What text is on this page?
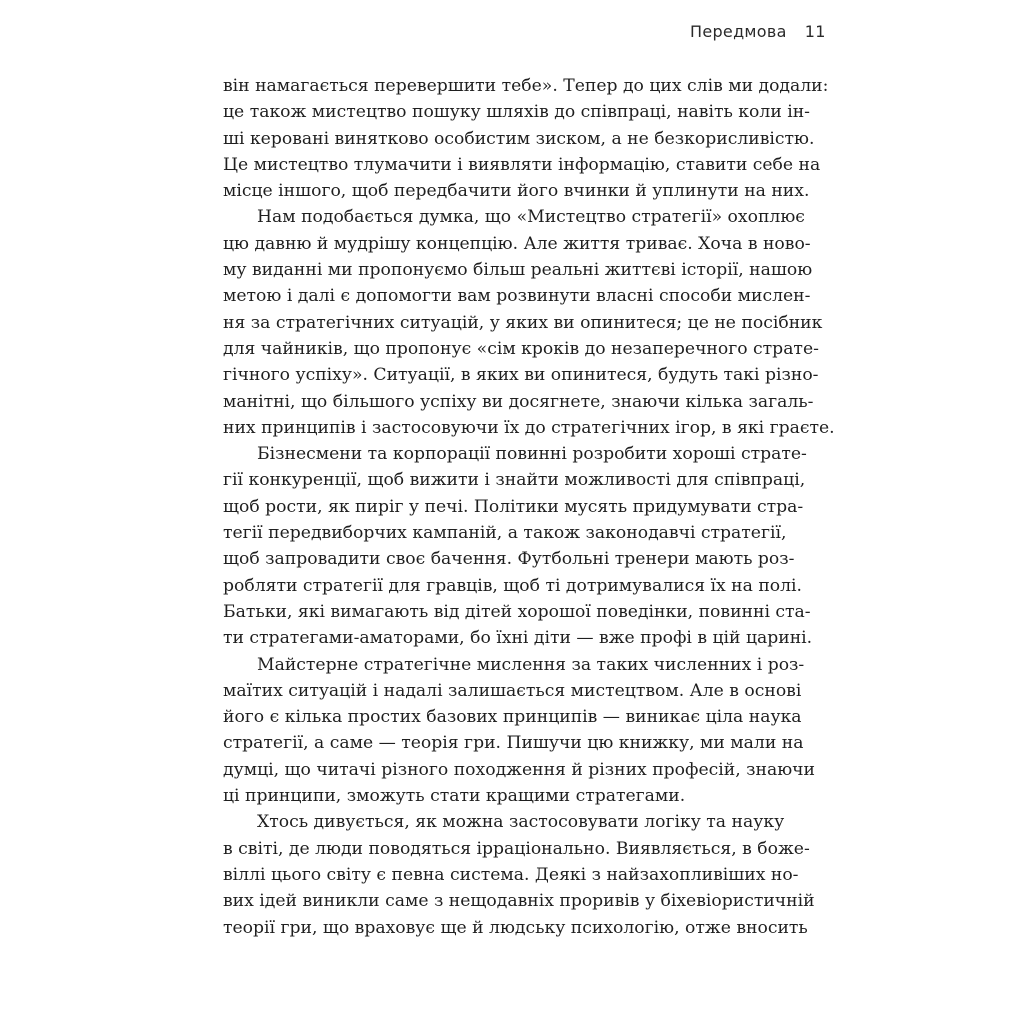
Передмова 11
він намагається перевершити тебе». Тепер до цих слів ми додали:
це також мистецтво пошуку шляхів до співпраці, навіть коли ін-
ші керовані винятково особистим зиском, а не безкорисливістю.
Це мистецтво тлумачити і виявляти інформацію, ставити себе на
місце іншого, щоб передбачити його вчинки й уплинути на них.
Нам подобається думка, що «Мистецтво стратегії» охоплює
цю давню й мудрішу концепцію. Але життя триває. Хоча в ново-
му виданні ми пропонуємо більш реальні життєві історії, нашою
метою і далі є допомогти вам розвинути власні способи мислен-
ня за стратегічних ситуацій, у яких ви опинитеся; це не посібник
для чайників, що пропонує «сім кроків до незаперечного страте-
гічного успіху». Ситуації, в яких ви опинитеся, будуть такі різно-
манітні, що більшого успіху ви досягнете, знаючи кілька загаль-
них принципів і застосовуючи їх до стратегічних ігор, в які граєте.
Бізнесмени та корпорації повинні розробити хороші страте-
гії конкуренції, щоб вижити і знайти можливості для співпраці,
щоб рости, як пиріг у печі. Політики мусять придумувати стра-
тегії передвиборчих кампаній, а також законодавчі стратегії,
щоб запровадити своє бачення. Футбольні тренери мають роз-
робляти стратегії для гравців, щоб ті дотримувалися їх на полі.
Батьки, які вимагають від дітей хорошої поведінки, повинні ста-
ти стратегами-аматорами, бо їхні діти — вже профі в цій царині.
Майстерне стратегічне мислення за таких численних і роз-
маїтих ситуацій і надалі залишається мистецтвом. Але в основі
його є кілька простих базових принципів — виникає ціла наука
стратегії, а саме — теорія гри. Пишучи цю книжку, ми мали на
думці, що читачі різного походження й різних професій, знаючи
ці принципи, зможуть стати кращими стратегами.
Хтось дивується, як можна застосовувати логіку та науку
в світі, де люди поводяться ірраціонально. Виявляється, в боже-
віллі цього світу є певна система. Деякі з найзахопливіших но-
вих ідей виникли саме з нещодавніх проривів у біхевіористичній
теорії гри, що враховує ще й людську психологію, отже вносить
